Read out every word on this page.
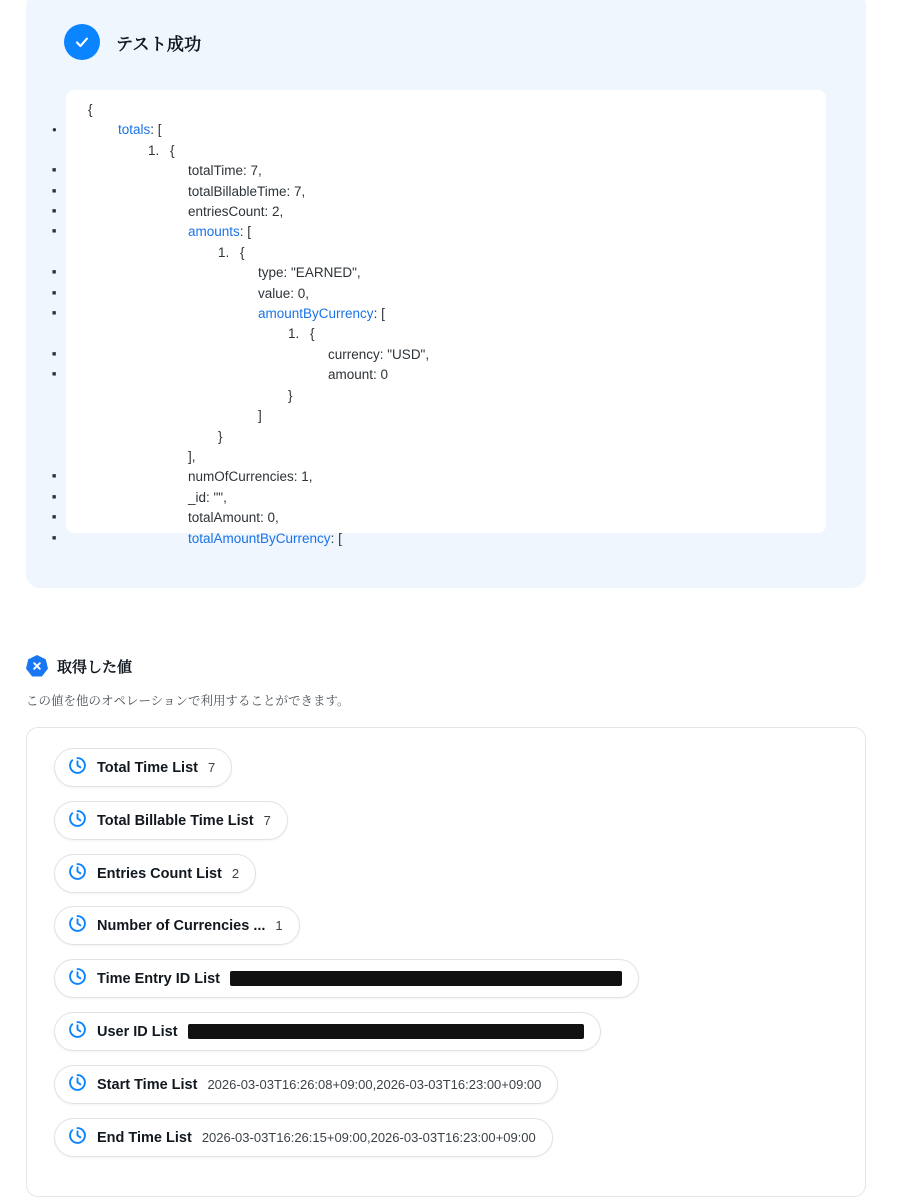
テスト成功
{
● totals: [
1. {
■ totalTime: 7,
■ totalBillableTime: 7,
■ entriesCount: 2,
■ amounts: [
1. {
■ type: "EARNED",
■ value: 0,
■ amountByCurrency: [
1. {
■ currency: "USD",
■ amount: 0
}
]
}
],
■ numOfCurrencies: 1,
■ _id: "",
■ totalAmount: 0,
■ totalAmountByCurrency: [
取得した値
この値を他のオペレーションで利用することができます。
Total Time List 7
Total Billable Time List 7
Entries Count List 2
Number of Currencies ... 1
Time Entry ID List
User ID List
Start Time List 2026-03-03T16:26:08+09:00,2026-03-03T16:23:00+09:00
End Time List 2026-03-03T16:26:15+09:00,2026-03-03T16:23:00+09:00
